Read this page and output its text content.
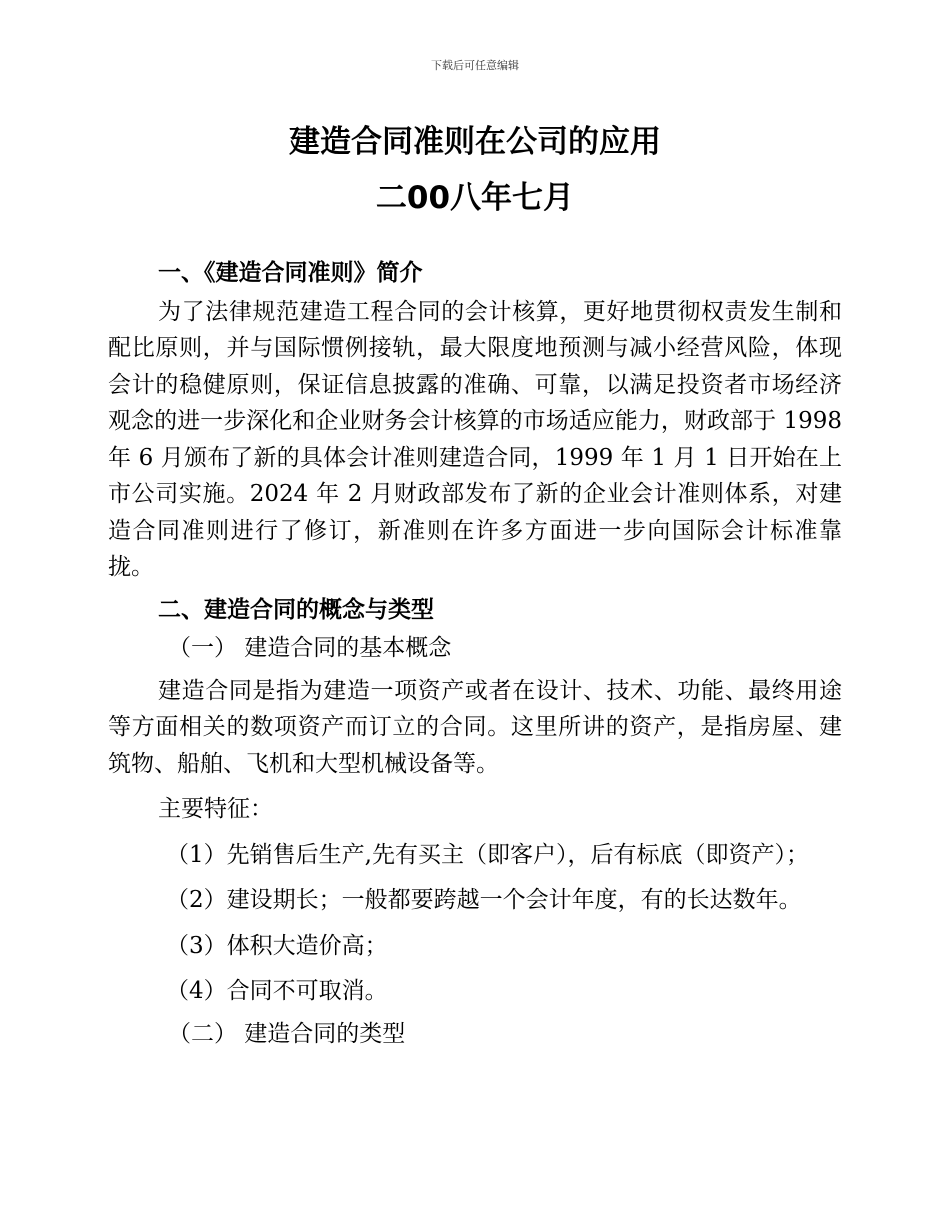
下载后可任意编辑
建造合同准则在公司的应用
二00八年七月

一、《建造合同准则》简介

为了法律规范建造工程合同的会计核算，更好地贯彻权责发生制和配比原则，并与国际惯例接轨，最大限度地预测与减小经营风险，体现会计的稳健原则，保证信息披露的准确、可靠，以满足投资者市场经济观念的进一步深化和企业财务会计核算的市场适应能力，财政部于 1998 年 6 月颁布了新的具体会计准则建造合同，1999 年 1 月 1 日开始在上市公司实施。2024 年 2 月财政部发布了新的企业会计准则体系，对建造合同准则进行了修订，新准则在许多方面进一步向国际会计标准靠拢。

二、建造合同的概念与类型

（一） 建造合同的基本概念

建造合同是指为建造一项资产或者在设计、技术、功能、最终用途等方面相关的数项资产而订立的合同。这里所讲的资产，是指房屋、建筑物、船舶、飞机和大型机械设备等。

主要特征：

（1）先销售后生产,先有买主（即客户），后有标底（即资产）；

（2）建设期长；一般都要跨越一个会计年度，有的长达数年。

（3）体积大造价高；

（4）合同不可取消。

（二） 建造合同的类型
